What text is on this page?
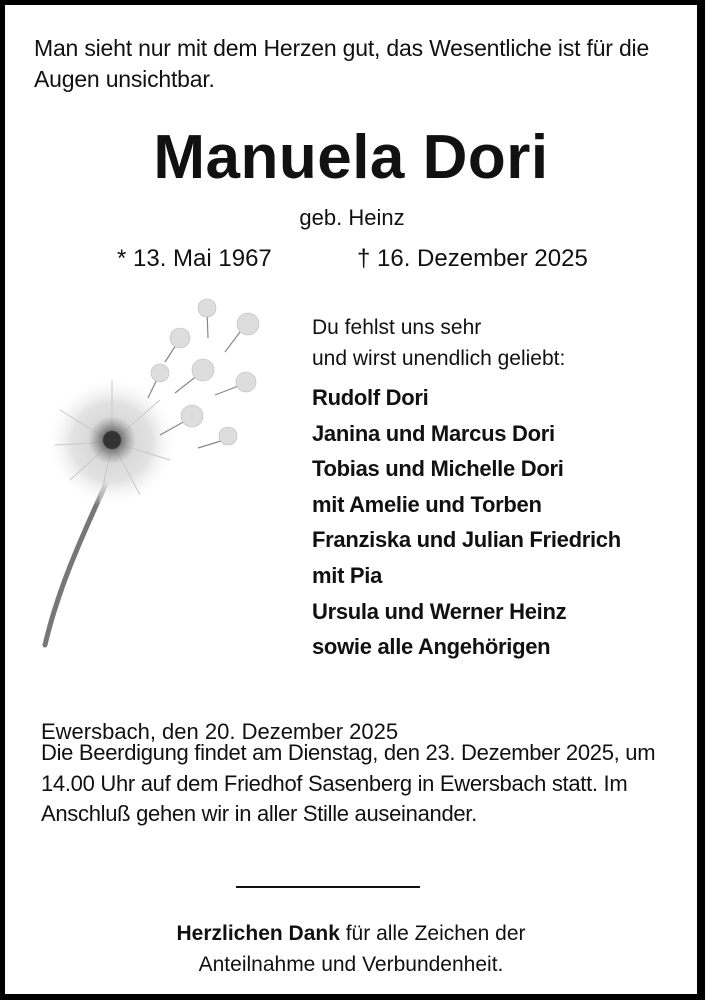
Man sieht nur mit dem Herzen gut, das Wesentliche ist für die Augen unsichtbar.
Manuela Dori
geb. Heinz
* 13. Mai 1967	† 16. Dezember 2025
Du fehlst uns sehr
und wirst unendlich geliebt:
Rudolf Dori
Janina und Marcus Dori
Tobias und Michelle Dori
mit Amelie und Torben
Franziska und Julian Friedrich
mit Pia
Ursula und Werner Heinz
sowie alle Angehörigen
Ewersbach, den 20. Dezember 2025
Die Beerdigung findet am Dienstag, den 23. Dezember 2025, um 14.00 Uhr auf dem Friedhof Sasenberg in Ewersbach statt. Im Anschluß gehen wir in aller Stille auseinander.
Herzlichen Dank für alle Zeichen der
Anteilnahme und Verbundenheit.
